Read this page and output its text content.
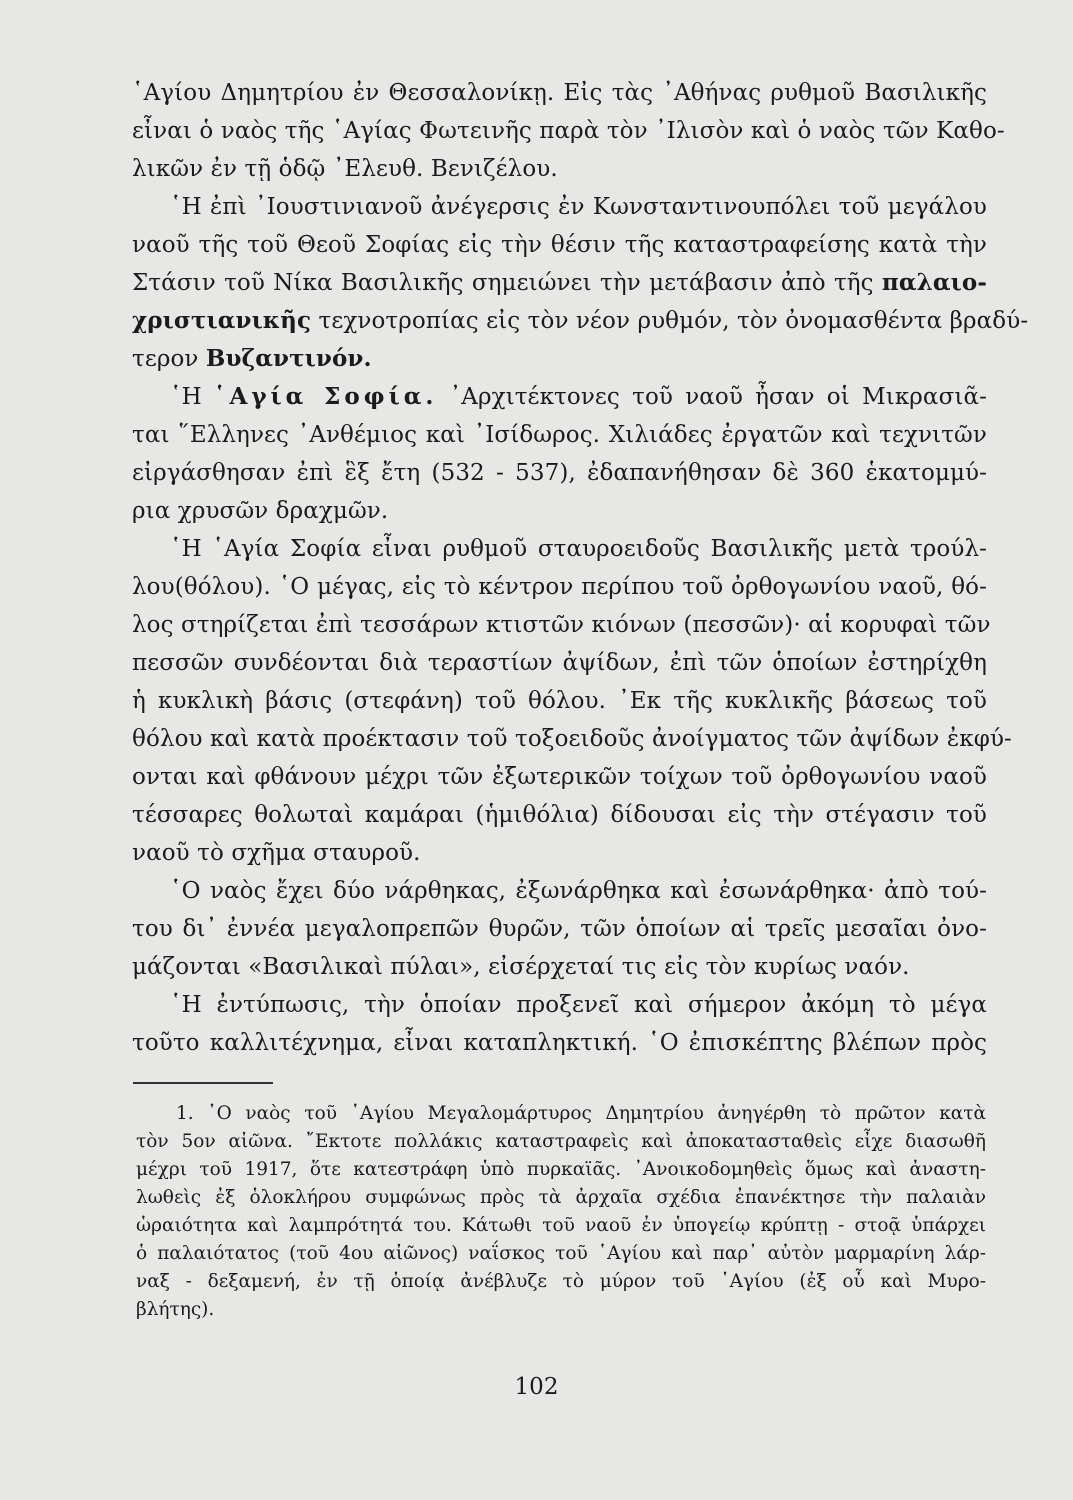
῾Αγίου Δημητρίου ἐν Θεσσαλονίκῃ. Εἰς τὰς ᾿Αθήνας ρυθμοῦ Βασιλικῆς
εἶναι ὁ ναὸς τῆς ῾Αγίας Φωτεινῆς παρὰ τὸν ᾿Ιλισὸν καὶ ὁ ναὸς τῶν Καθο-
λικῶν ἐν τῇ ὁδῷ ᾿Ελευθ. Βενιζέλου.
῾Η ἐπὶ ᾿Ιουστινιανοῦ ἀνέγερσις ἐν Κωνσταντινουπόλει τοῦ μεγάλου
ναοῦ τῆς τοῦ Θεοῦ Σοφίας εἰς τὴν θέσιν τῆς καταστραφείσης κατὰ τὴν
Στάσιν τοῦ Νίκα Βασιλικῆς σημειώνει τὴν μετάβασιν ἀπὸ τῆς παλαιο-
χριστιανικῆς τεχνοτροπίας εἰς τὸν νέον ρυθμόν, τὸν ὀνομασθέντα βραδύ-
τερον Βυζαντινόν.
῾Η ῾Αγία Σοφία. ᾿Αρχιτέκτονες τοῦ ναοῦ ἦσαν οἱ Μικρασιᾶ-
ται ῞Ελληνες ᾿Ανθέμιος καὶ ᾿Ισίδωρος. Χιλιάδες ἐργατῶν καὶ τεχνιτῶν
εἰργάσθησαν ἐπὶ ἓξ ἔτη (532 - 537), ἐδαπανήθησαν δὲ 360 ἑκατομμύ-
ρια χρυσῶν δραχμῶν.
῾Η ῾Αγία Σοφία εἶναι ρυθμοῦ σταυροειδοῦς Βασιλικῆς μετὰ τρούλ-
λου(θόλου). ῾Ο μέγας, εἰς τὸ κέντρον περίπου τοῦ ὀρθογωνίου ναοῦ, θό-
λος στηρίζεται ἐπὶ τεσσάρων κτιστῶν κιόνων (πεσσῶν)· αἱ κορυφαὶ τῶν
πεσσῶν συνδέονται διὰ τεραστίων ἀψίδων, ἐπὶ τῶν ὁποίων ἐστηρίχθη
ἡ κυκλικὴ βάσις (στεφάνη) τοῦ θόλου. ᾿Εκ τῆς κυκλικῆς βάσεως τοῦ
θόλου καὶ κατὰ προέκτασιν τοῦ τοξοειδοῦς ἀνοίγματος τῶν ἀψίδων ἐκφύ-
ονται καὶ φθάνουν μέχρι τῶν ἐξωτερικῶν τοίχων τοῦ ὀρθογωνίου ναοῦ
τέσσαρες θολωταὶ καμάραι (ἡμιθόλια) δίδουσαι εἰς τὴν στέγασιν τοῦ
ναοῦ τὸ σχῆμα σταυροῦ.
῾Ο ναὸς ἔχει δύο νάρθηκας, ἐξωνάρθηκα καὶ ἐσωνάρθηκα· ἀπὸ τού-
του δι᾿ ἐννέα μεγαλοπρεπῶν θυρῶν, τῶν ὁποίων αἱ τρεῖς μεσαῖαι ὀνο-
μάζονται «Βασιλικαὶ πύλαι», εἰσέρχεταί τις εἰς τὸν κυρίως ναόν.
῾Η ἐντύπωσις, τὴν ὁποίαν προξενεῖ καὶ σήμερον ἀκόμη τὸ μέγα
τοῦτο καλλιτέχνημα, εἶναι καταπληκτική. ῾Ο ἐπισκέπτης βλέπων πρὸς
1. ῾Ο ναὸς τοῦ ῾Αγίου Μεγαλομάρτυρος Δημητρίου ἀνηγέρθη τὸ πρῶτον κατὰ
τὸν 5ον αἰῶνα. ῎Εκτοτε πολλάκις καταστραφεὶς καὶ ἀποκατασταθεὶς εἶχε διασωθῆ
μέχρι τοῦ 1917, ὅτε κατεστράφη ὑπὸ πυρκαϊᾶς. ᾿Ανοικοδομηθεὶς ὅμως καὶ ἀναστη-
λωθεὶς ἐξ ὁλοκλήρου συμφώνως πρὸς τὰ ἀρχαῖα σχέδια ἐπανέκτησε τὴν παλαιὰν
ὡραιότητα καὶ λαμπρότητά του. Κάτωθι τοῦ ναοῦ ἐν ὑπογείῳ κρύπτῃ - στοᾷ ὑπάρχει
ὁ παλαιότατος (τοῦ 4ου αἰῶνος) ναΐσκος τοῦ ῾Αγίου καὶ παρ᾿ αὐτὸν μαρμαρίνη λάρ-
ναξ - δεξαμενή, ἐν τῇ ὁποίᾳ ἀνέβλυζε τὸ μύρον τοῦ ῾Αγίου (ἐξ οὗ καὶ Μυρο-
βλήτης).
102
